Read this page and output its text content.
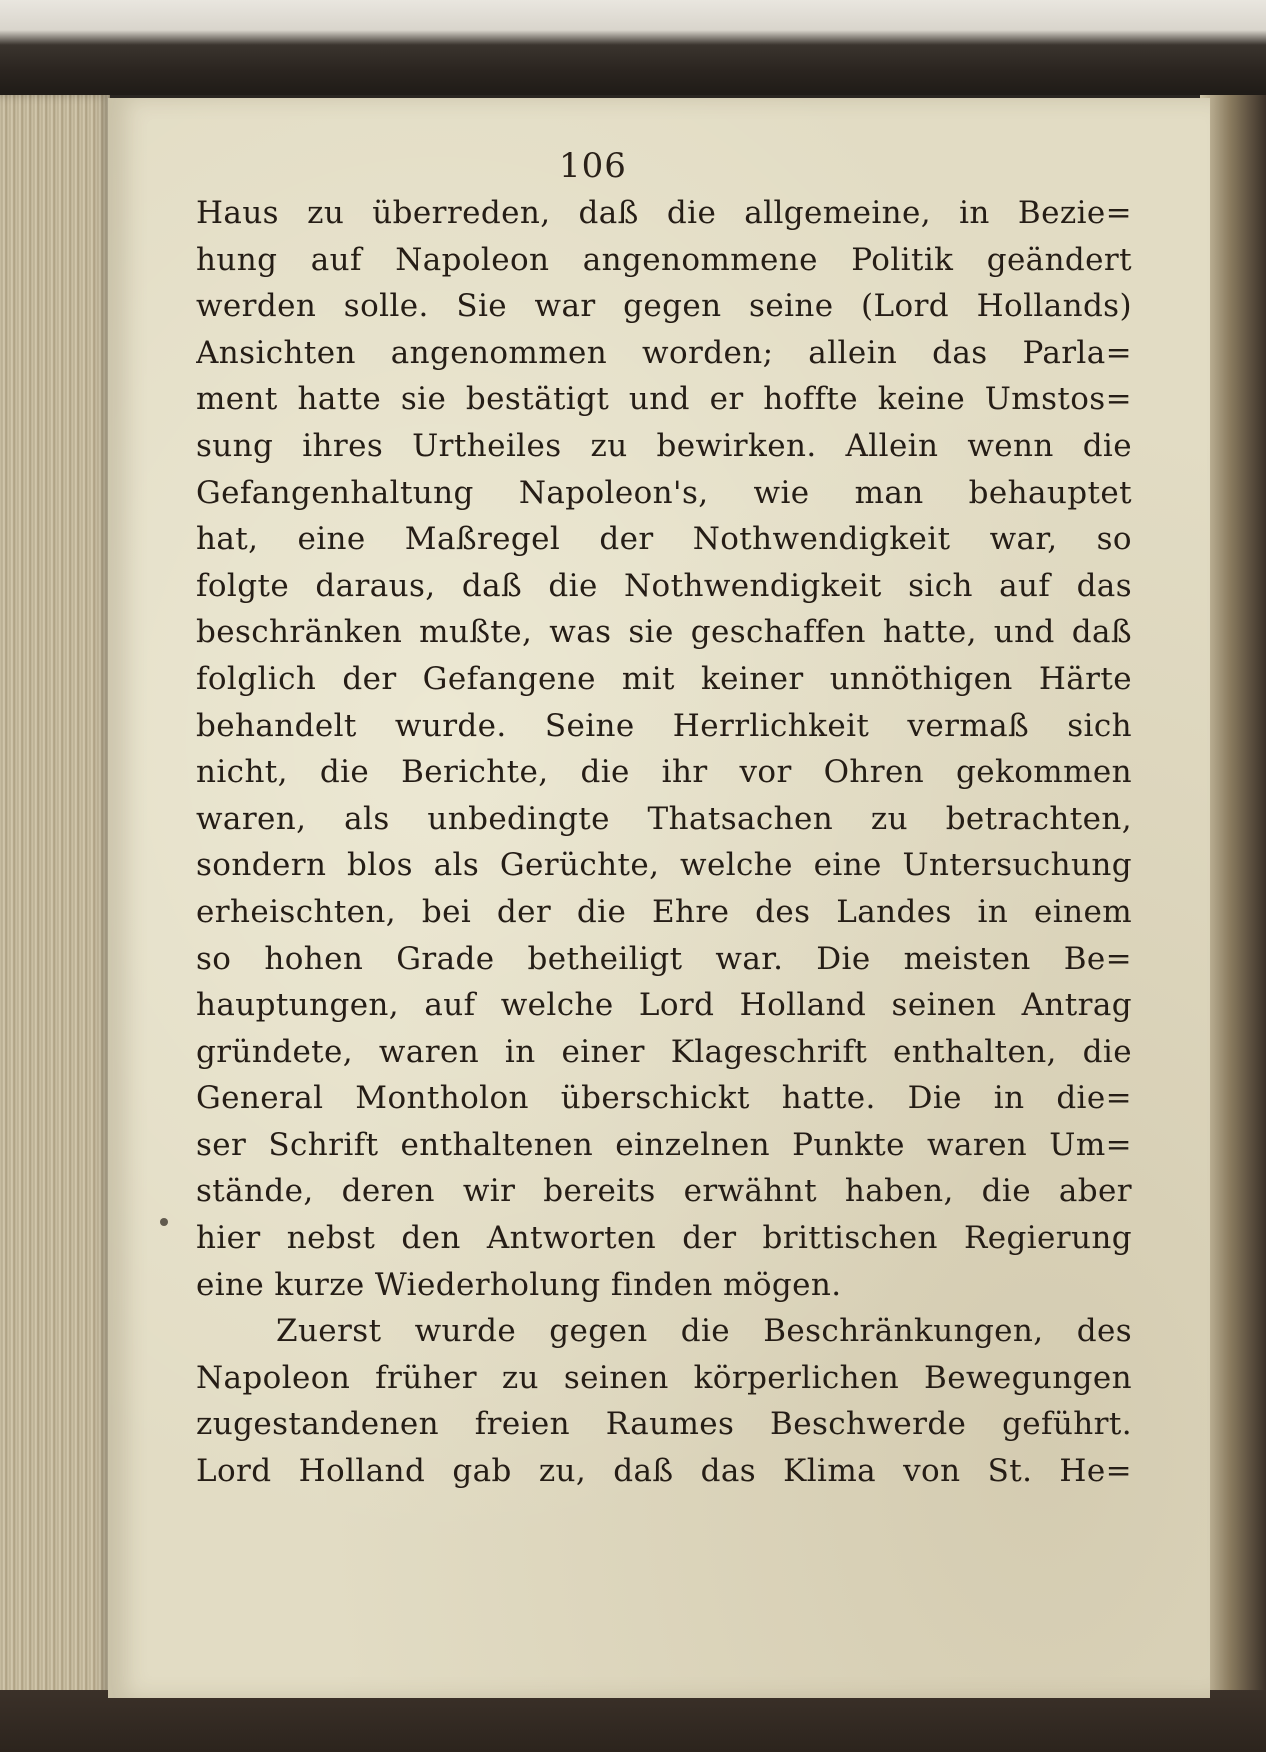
106
Haus zu überreden, daß die allgemeine, in Bezie=
hung auf Napoleon angenommene Politik geändert
werden solle. Sie war gegen seine (Lord Hollands)
Ansichten angenommen worden; allein das Parla=
ment hatte sie bestätigt und er hoffte keine Umstos=
sung ihres Urtheiles zu bewirken. Allein wenn die
Gefangenhaltung Napoleon's, wie man behauptet
hat, eine Maßregel der Nothwendigkeit war, so
folgte daraus, daß die Nothwendigkeit sich auf das
beschränken mußte, was sie geschaffen hatte, und daß
folglich der Gefangene mit keiner unnöthigen Härte
behandelt wurde. Seine Herrlichkeit vermaß sich
nicht, die Berichte, die ihr vor Ohren gekommen
waren, als unbedingte Thatsachen zu betrachten,
sondern blos als Gerüchte, welche eine Untersuchung
erheischten, bei der die Ehre des Landes in einem
so hohen Grade betheiligt war. Die meisten Be=
hauptungen, auf welche Lord Holland seinen Antrag
gründete, waren in einer Klageschrift enthalten, die
General Montholon überschickt hatte. Die in die=
ser Schrift enthaltenen einzelnen Punkte waren Um=
stände, deren wir bereits erwähnt haben, die aber
hier nebst den Antworten der brittischen Regierung
eine kurze Wiederholung finden mögen.
Zuerst wurde gegen die Beschränkungen, des
Napoleon früher zu seinen körperlichen Bewegungen
zugestandenen freien Raumes Beschwerde geführt.
Lord Holland gab zu, daß das Klima von St. He=
